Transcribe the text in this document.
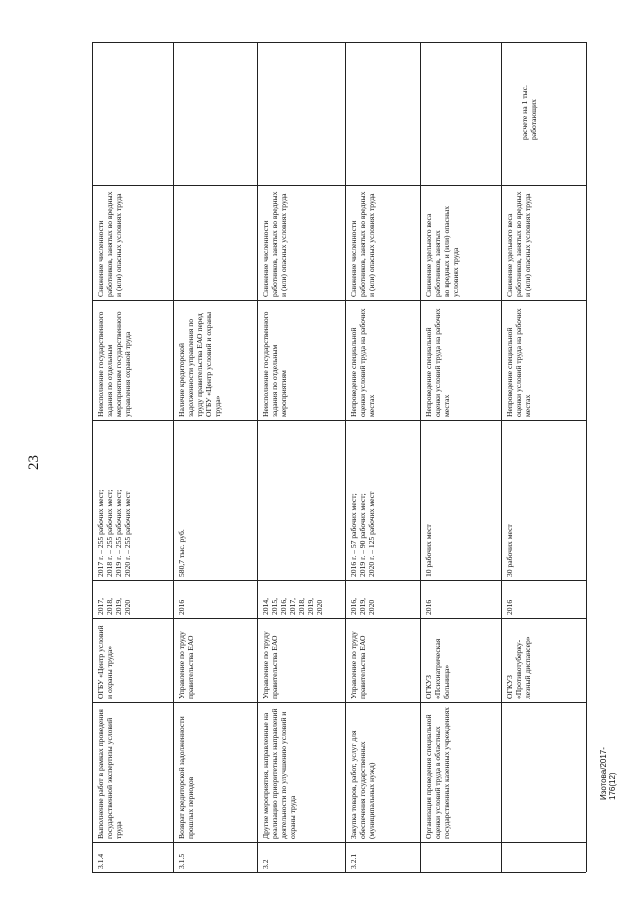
3.1.4
Выполнение работ в рамках проведения государственной экспертизы условий труда
ОГБУ «Центр условий и охраны труда»
2017,
2018,
2019,
2020
2017 г. – 255 рабочих мест;
2018 г. – 255 рабочих мест;
2019 г. – 255 рабочих мест;
2020 г. – 255 рабочих мест
Неисполнение государственного задания по отдельным мероприятиям государственного управления охраной труда
Снижение численности работников, занятых во вредных и (или) опасных условиях труда
3.1.5
Возврат кредиторской задолженности прошлых периодов
Управление по труду правительства ЕАО
2016
580,7 тыс. руб.
Наличие кредиторской задолженности управления по труду правительства ЕАО перед ОГБУ «Центр условий и охраны труда»
3.2
Другие мероприятия, направленные на реализацию приоритетных направлений деятельности по улучшению условий и охраны труда
Управление по труду правительства ЕАО
2014,
2015,
2016,
2017,
2018,
2019,
2020
Неисполнение государственного задания по отдельным мероприятиям
Снижение численности работников, занятых во вредных и (или) опасных условиях труда
3.2.1
Закупка товаров, работ, услуг для обеспечения государственных (муниципальных нужд)
Управление по труду правительства ЕАО
2016,
2019,
2020
2016 г. – 57 рабочих мест;
2019 г. – 90 рабочих мест;
2020 г. – 125 рабочих мест
Непроведение специальной оценки условий труда на рабочих местах
Снижение численности работников, занятых во вредных и (или) опасных условиях труда
Организация проведения специальной оценки условий труда в областных государственных казенных учреждениях
ОГКУЗ «Психиатрическая больница»
2016
10 рабочих мест
Непроведение специальной оценки условий труда на рабочих местах
Снижение удельного веса работников, занятых
во вредных и (или) опасных условиях труда
ОГКУЗ «Противотуберку-лезный диспансер»
2016
30 рабочих мест
Непроведение специальной оценки условий труда на рабочих местах
Снижение удельного веса работников, занятых во вредных и (или) опасных условиях труда
23
Изотова/2017-176(12)
расчете на 1 тыс.
работающих
